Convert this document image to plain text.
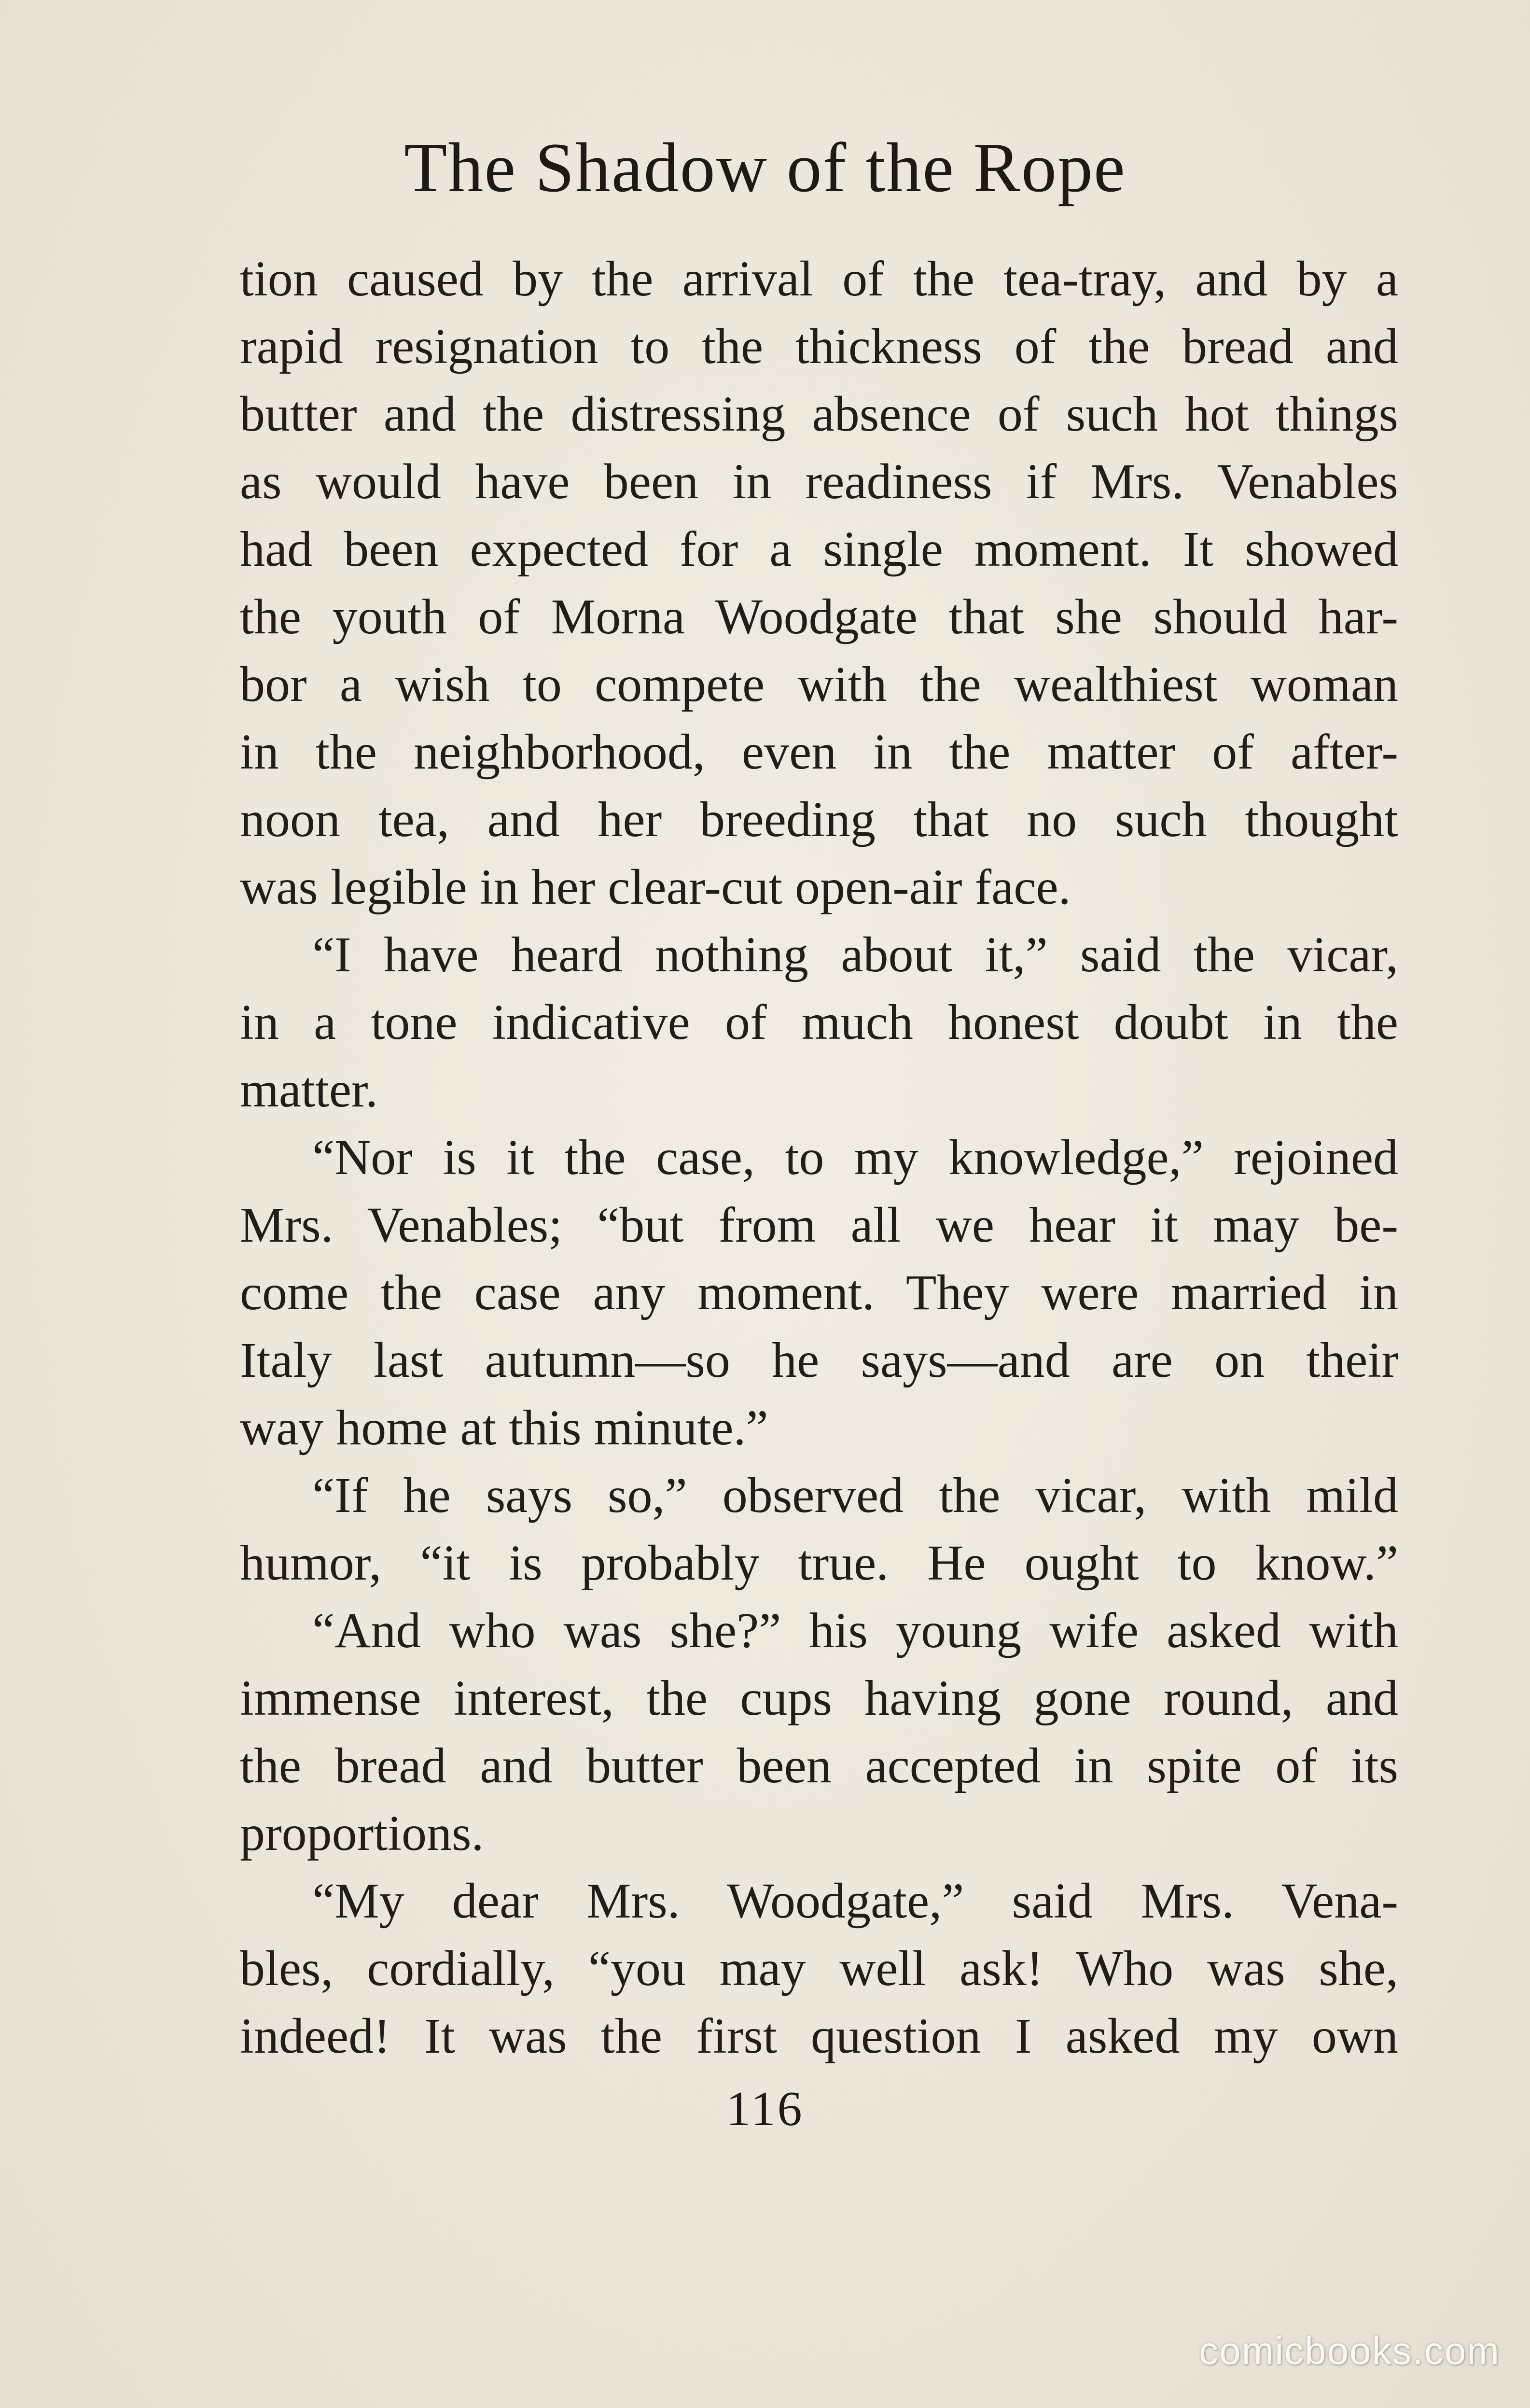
The Shadow of the Rope
tion caused by the arrival of the tea-tray, and by a
rapid resignation to the thickness of the bread and
butter and the distressing absence of such hot things
as would have been in readiness if Mrs. Venables
had been expected for a single moment. It showed
the youth of Morna Woodgate that she should har-
bor a wish to compete with the wealthiest woman
in the neighborhood, even in the matter of after-
noon tea, and her breeding that no such thought
was legible in her clear-cut open-air face.
“I have heard nothing about it,” said the vicar,
in a tone indicative of much honest doubt in the
matter.
“Nor is it the case, to my knowledge,” rejoined
Mrs. Venables; “but from all we hear it may be-
come the case any moment. They were married in
Italy last autumn—so he says—and are on their
way home at this minute.”
“If he says so,” observed the vicar, with mild
humor, “it is probably true. He ought to know.”
“And who was she?” his young wife asked with
immense interest, the cups having gone round, and
the bread and butter been accepted in spite of its
proportions.
“My dear Mrs. Woodgate,” said Mrs. Vena-
bles, cordially, “you may well ask! Who was she,
indeed! It was the first question I asked my own
116
comicbooks.com
